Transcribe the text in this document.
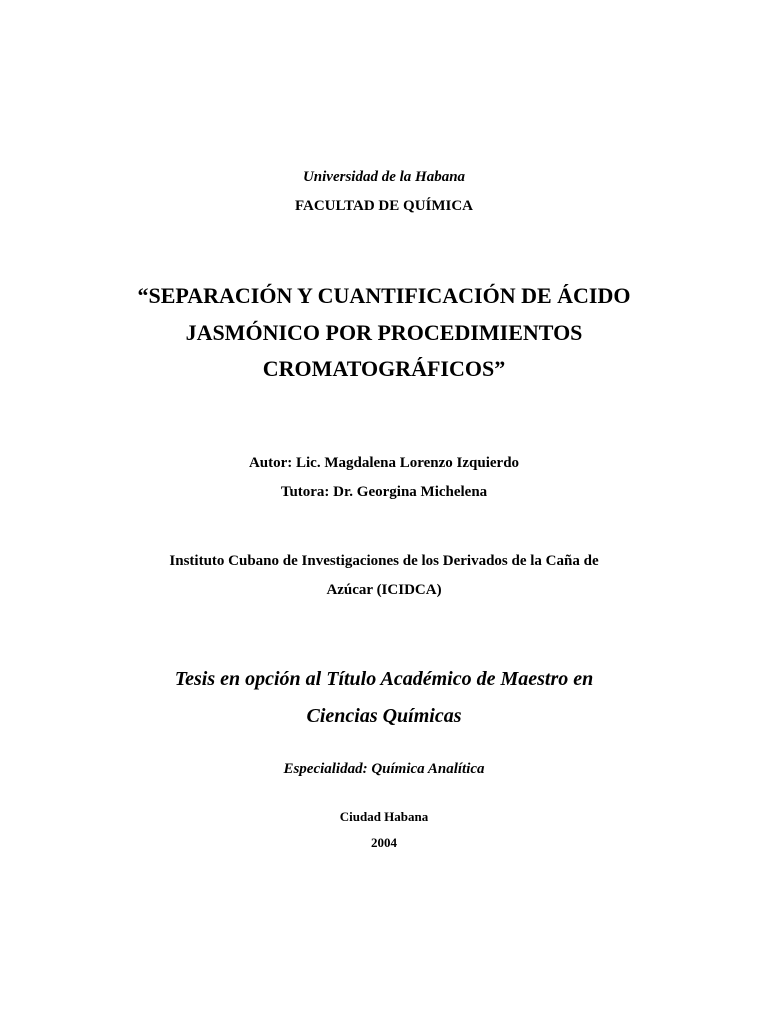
Universidad de la Habana
FACULTAD DE QUÍMICA
“SEPARACIÓN Y CUANTIFICACIÓN DE ÁCIDO
JASMÓNICO POR PROCEDIMIENTOS
CROMATOGRÁFICOS”
Autor: Lic. Magdalena Lorenzo Izquierdo
Tutora: Dr. Georgina Michelena
Instituto Cubano de Investigaciones de los Derivados de la Caña de
Azúcar (ICIDCA)
Tesis en opción al Título Académico de Maestro en
Ciencias Químicas
Especialidad: Química Analítica
Ciudad Habana
2004
